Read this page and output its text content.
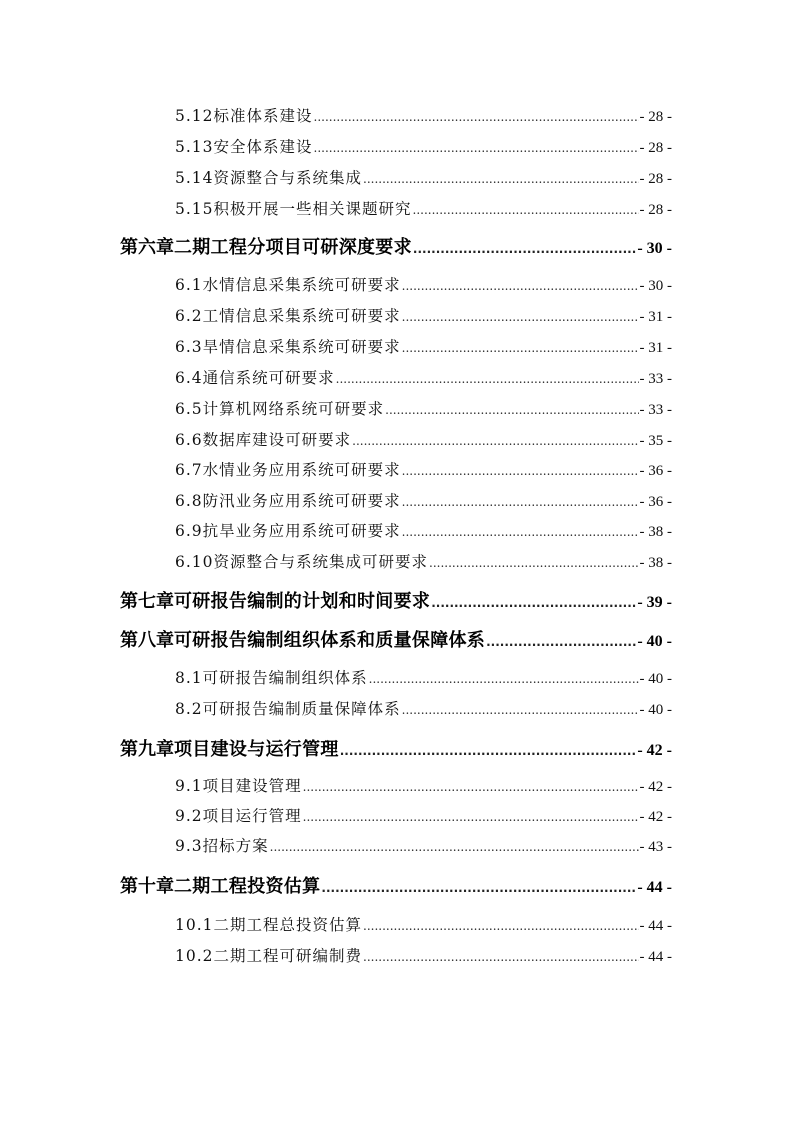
5.12 标准体系建设 .....	- 28 -
5.13 安全体系建设 .....	- 28 -
5.14 资源整合与系统集成 .....	- 28 -
5.15 积极开展一些相关课题研究 .....	- 28 -
第六章 二期工程分项目可研深度要求 .....	- 30 -
6.1 水情信息采集系统可研要求 .....	- 30 -
6.2 工情信息采集系统可研要求 .....	- 31 -
6.3 旱情信息采集系统可研要求 .....	- 31 -
6.4 通信系统可研要求 .....	- 33 -
6.5 计算机网络系统可研要求 .....	- 33 -
6.6 数据库建设可研要求 .....	- 35 -
6.7 水情业务应用系统可研要求 .....	- 36 -
6.8 防汛业务应用系统可研要求 .....	- 36 -
6.9 抗旱业务应用系统可研要求 .....	- 38 -
6.10 资源整合与系统集成可研要求 .....	- 38 -
第七章 可研报告编制的计划和时间要求 .....	- 39 -
第八章 可研报告编制组织体系和质量保障体系 .....	- 40 -
8.1 可研报告编制组织体系 .....	- 40 -
8.2 可研报告编制质量保障体系 .....	- 40 -
第九章 项目建设与运行管理 .....	- 42 -
9.1 项目建设管理 .....	- 42 -
9.2 项目运行管理 .....	- 42 -
9.3 招标方案 .....	- 43 -
第十章 二期工程投资估算 .....	- 44 -
10.1 二期工程总投资估算 .....	- 44 -
10.2 二期工程可研编制费 .....	- 44 -
